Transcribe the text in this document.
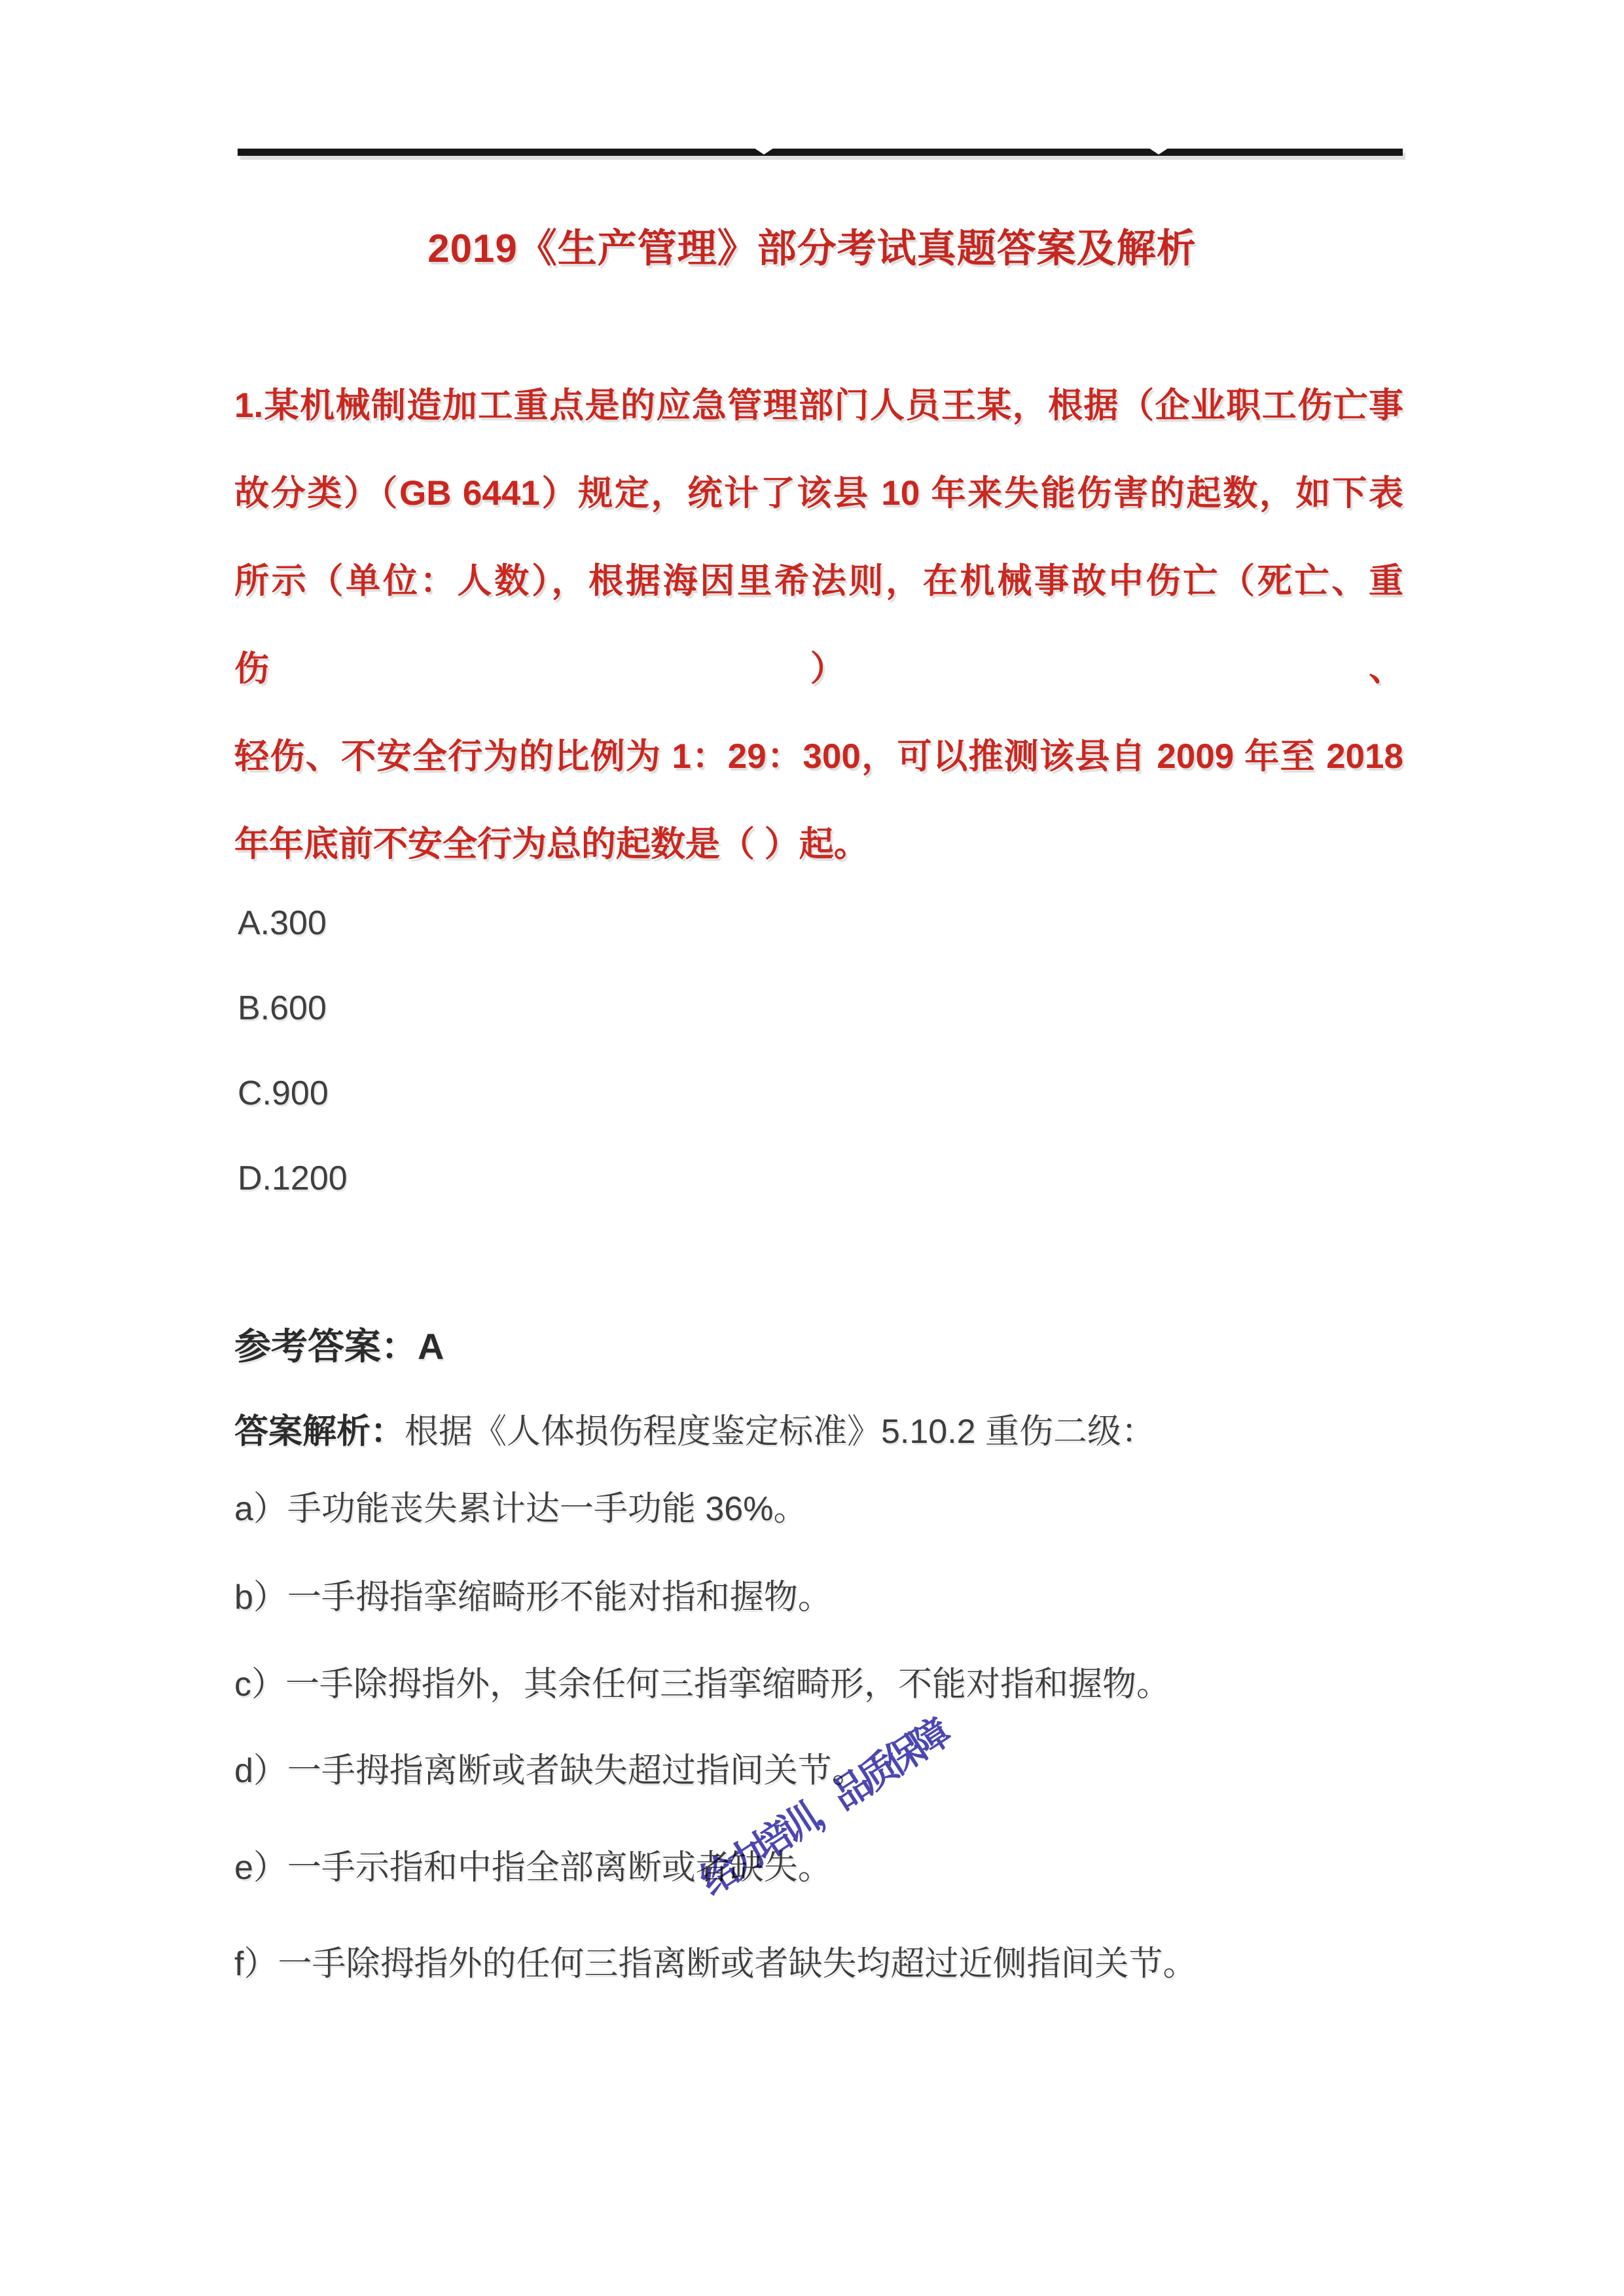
2019《生产管理》部分考试真题答案及解析
1.某机械制造加工重点是的应急管理部门人员王某，根据（企业职工伤亡事
故分类）（GB 6441）规定，统计了该县 10 年来失能伤害的起数，如下表
所示（单位：人数），根据海因里希法则，在机械事故中伤亡（死亡、重伤）、
轻伤、不安全行为的比例为 1：29：300，可以推测该县自 2009 年至 2018
年年底前不安全行为总的起数是（ ）起。
A.300
B.600
C.900
D.1200
参考答案：A
答案解析：根据《人体损伤程度鉴定标准》5.10.2 重伤二级：
a）手功能丧失累计达一手功能 36%。
b）一手拇指挛缩畸形不能对指和握物。
c）一手除拇指外，其余任何三指挛缩畸形，不能对指和握物。
d）一手拇指离断或者缺失超过指间关节。
e）一手示指和中指全部离断或者缺失。
f）一手除拇指外的任何三指离断或者缺失均超过近侧指间关节。
给力培训，品质保障
